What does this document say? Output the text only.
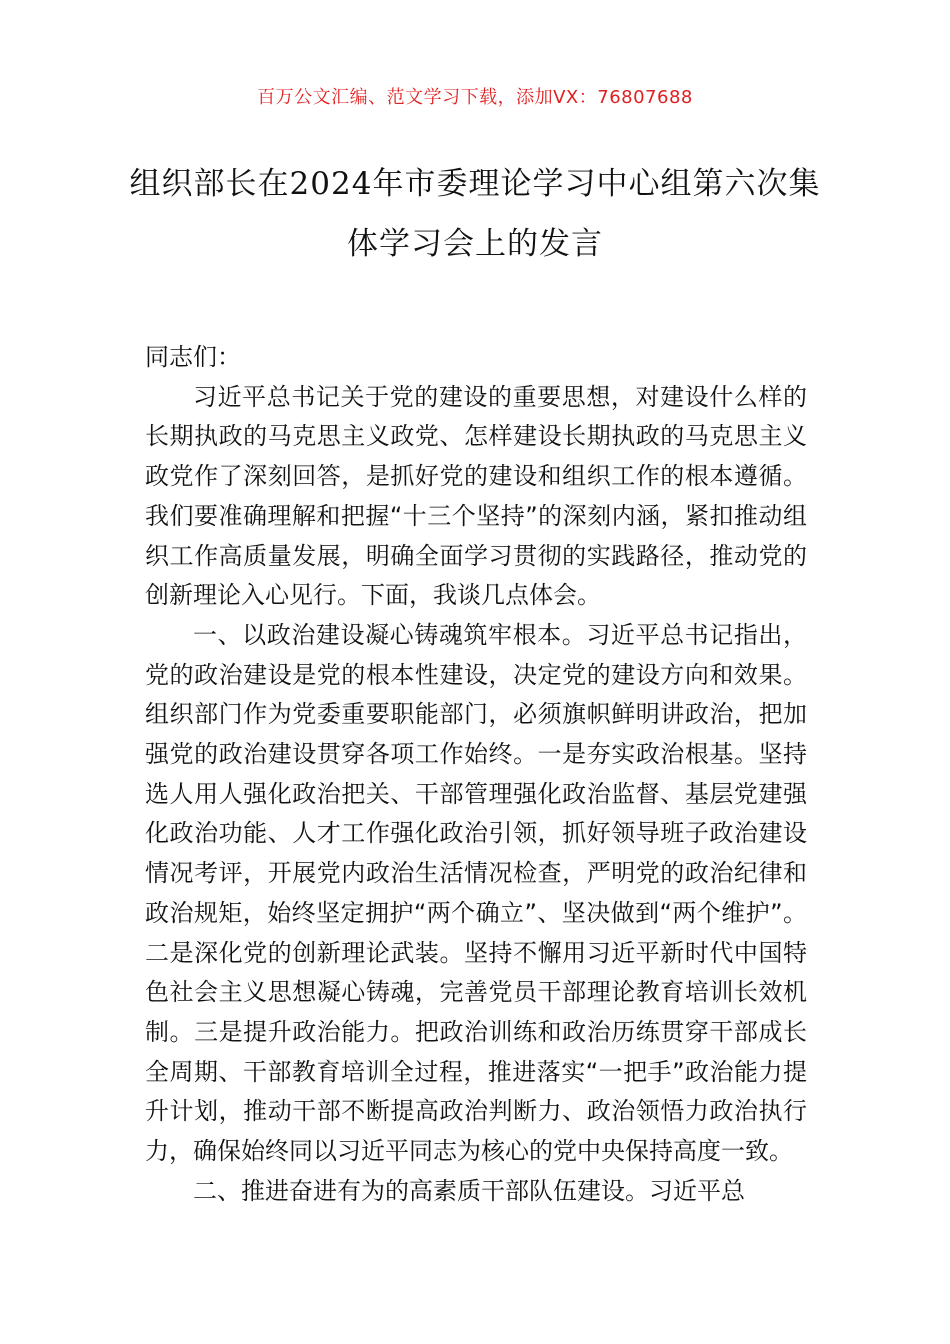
百万公文汇编、范文学习下载，添加VX：76807688
组织部长在2024年市委理论学习中心组第六次集体学习会上的发言

同志们：

习近平总书记关于党的建设的重要思想，对建设什么样的长期执政的马克思主义政党、怎样建设长期执政的马克思主义政党作了深刻回答，是抓好党的建设和组织工作的根本遵循。我们要准确理解和把握“十三个坚持”的深刻内涵，紧扣推动组织工作高质量发展，明确全面学习贯彻的实践路径，推动党的创新理论入心见行。下面，我谈几点体会。

一、以政治建设凝心铸魂筑牢根本。习近平总书记指出，党的政治建设是党的根本性建设，决定党的建设方向和效果。组织部门作为党委重要职能部门，必须旗帜鲜明讲政治，把加强党的政治建设贯穿各项工作始终。一是夯实政治根基。坚持选人用人强化政治把关、干部管理强化政治监督、基层党建强化政治功能、人才工作强化政治引领，抓好领导班子政治建设情况考评，开展党内政治生活情况检查，严明党的政治纪律和政治规矩，始终坚定拥护“两个确立”、坚决做到“两个维护”。二是深化党的创新理论武装。坚持不懈用习近平新时代中国特色社会主义思想凝心铸魂，完善党员干部理论教育培训长效机制。三是提升政治能力。把政治训练和政治历练贯穿干部成长全周期、干部教育培训全过程，推进落实“一把手”政治能力提升计划，推动干部不断提高政治判断力、政治领悟力政治执行力，确保始终同以习近平同志为核心的党中央保持高度一致。

二、推进奋进有为的高素质干部队伍建设。习近平总
